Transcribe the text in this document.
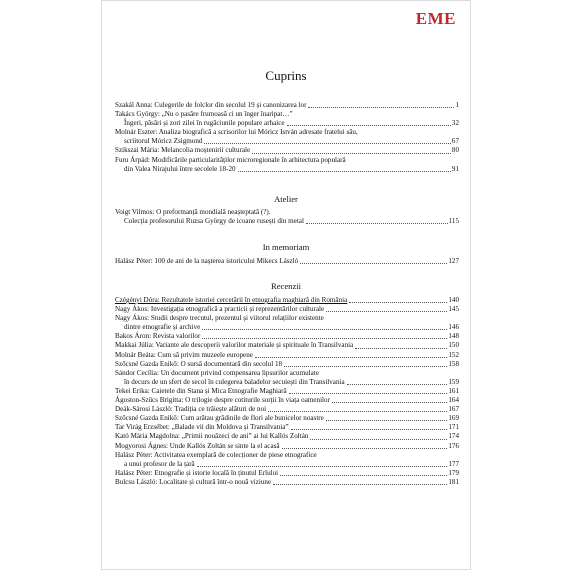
EME
Cuprins
Szakál Anna: Culegerile de folclor din secolul 19 și canonizarea lor	1
Takács György: „Nu o pasăre frumoasă ci un înger înaripat…”
Îngeri, păsări și zori zilei în rugăciunile populare arhaice	32
Molnár Eszter: Analiza biografică a scrisorilor lui Móricz István adresate fratelui său,
scriitorul Móricz Zsigmond	67
Szikszai Mária: Melancolia moștenirii culturale	80
Furu Árpád: Modificările particularităților microregionale în arhitectura populară
din Valea Nirajului între secolele 18-20	91
Atelier
Voigt Vilmos: O preformanță mondială neașteptată (?).
Colecția profesorului Ruzsa György de icoane rusești din metal	115
In memoriam
Halász Péter: 100 de ani de la nașterea istoricului Mikecs László	127
Recenzii
Czégényi Dóra: Rezultatele istoriei cercetării în etnografia maghiară din România	140
Nagy Ákos: Investigația etnografică a practicii și reprezentărilor culturale	145
Nagy Ákos: Studii despre trecutul, prezentul și viitorul relațiilor existente
dintre etnografie și archive	146
Bakos Áron: Revista valorilor	148
Makkai Júlia: Variante ale descoperii valorilor materiale și spirituale în Transilvania	150
Molnár Beáta: Cum să privim muzeele europene	152
Szőcsné Gazda Enikő: O sursă documentară din secolul 18	158
Sándor Cecília: Un document privind compensarea lipsurilor acumulate
în decurs de un sfert de secol în culegerea baladelor secuiești din Transilvania	159
Tekei Erika: Caietele din Stana și Mica Etnografie Maghiară	161
Ágoston-Szűcs Brigitta: O trilogie despre cotiturile sorții în viața oamenilor	164
Deák-Sárosi László: Tradiția ce trăiește alături de noi	167
Szőcsné Gazda Enikő: Cum arătau grădinile de flori ale bunicelor noastre	169
Tar Virág Erzsébet: „Balade vii din Moldova și Transilvania”	171
Kató Mária Magdolna: „Primii nouăzeci de ani” ai lui Kallós Zoltán	174
Mogyorosi Ágnes: Unde Kallós Zoltán se sinte la el acasă	176
Halász Péter: Activitatea exemplară de colecționer de piese etnografice
a unui profesor de la țară	177
Halász Péter: Etnografie și istorie locală în ținutul Erîului	179
Bulcsu László: Localitate și cultură într-o nouă viziune	181
